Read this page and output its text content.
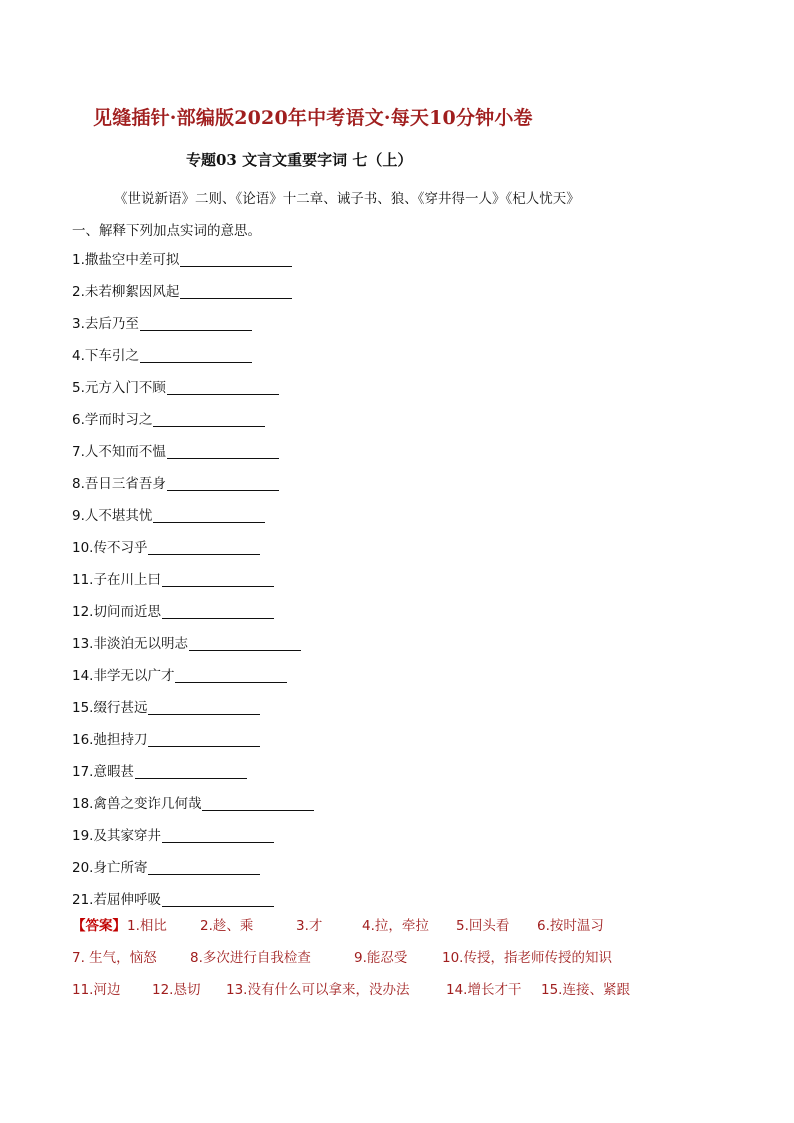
见缝插针·部编版2020年中考语文·每天10分钟小卷
专题03 文言文重要字词 七（上）
《世说新语》二则、《论语》十二章、诫子书、狼、《穿井得一人》《杞人忧天》
一、解释下列加点实词的意思。
1.撒盐空中差可拟
2.未若柳絮因风起
3.去后乃至
4.下车引之
5.元方入门不顾
6.学而时习之
7.人不知而不愠
8.吾日三省吾身
9.人不堪其忧
10.传不习乎
11.子在川上曰
12.切问而近思
13.非淡泊无以明志
14.非学无以广才
15.缀行甚远
16.弛担持刀
17.意暇甚
18.禽兽之变诈几何哉
19.及其家穿井
20.身亡所寄
21.若屈伸呼吸
【答案】 1.相比 2.趁、乘	3.才	4.拉，牵拉 5.回头看 6.按时温习
7. 生气，恼怒 8.多次进行自我检查	9.能忍受	10.传授，指老师传授的知识
11.河边 12.恳切 13.没有什么可以拿来，没办法	14.增长才干 15.连接、紧跟
